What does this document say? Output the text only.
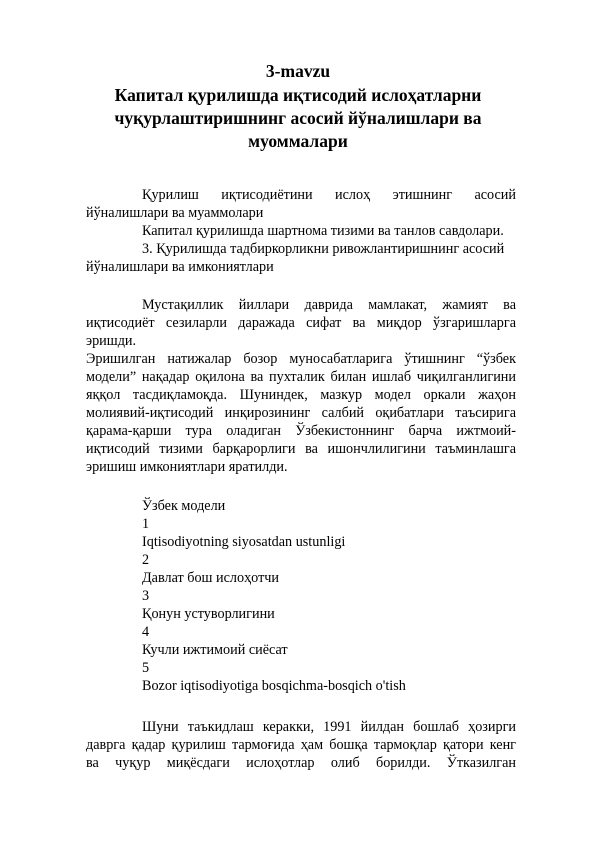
3-mavzu
Капитал қурилишда иқтисодий ислоҳатларни
чуқурлаштиришнинг асосий йўналишлари ва
муоммалари
Қурилиш иқтисодиётини ислоҳ этишнинг асосий
йўналишлари ва муаммолари
Капитал қурилишда шартнома тизими ва танлов савдолари.
3. Қурилишда тадбиркорликни ривожлантиришнинг асосий
йўналишлари ва имкониятлари
Мустақиллик йиллари даврида мамлакат, жамият ва
иқтисодиёт сезиларли даражада сифат ва миқдор ўзгаришларга
эришди.
Эришилган натижалар бозор муносабатларига ўтишнинг “ўзбек
модели” нақадар оқилона ва пухталик билан ишлаб чиқилганлигини
яққол тасдиқламоқда. Шуниндек, мазкур модел оркали жаҳон
молиявий-иқтисодий инқирозининг салбий оқибатлари таъсирига
қарама-қарши тура оладиган Ўзбекистоннинг барча ижтмоий-
иқтисодий тизими барқарорлиги ва ишончлилигини таъминлашга
эришиш имкониятлари яратилди.
Ўзбек модели
1
Iqtisodiyotning siyosatdan ustunligi
2
Давлат бош ислоҳотчи
3
Қонун устуворлигини
4
Кучли ижтимоий сиёсат
5
Bozor iqtisodiyotiga bosqichma-bosqich o'tish
Шуни таъкидлаш керакки, 1991 йилдан бошлаб ҳозирги
даврга қадар қурилиш тармоғида ҳам бошқа тармоқлар қатори кенг
ва чуқур миқёсдаги ислоҳотлар олиб борилди. Ўтказилган
